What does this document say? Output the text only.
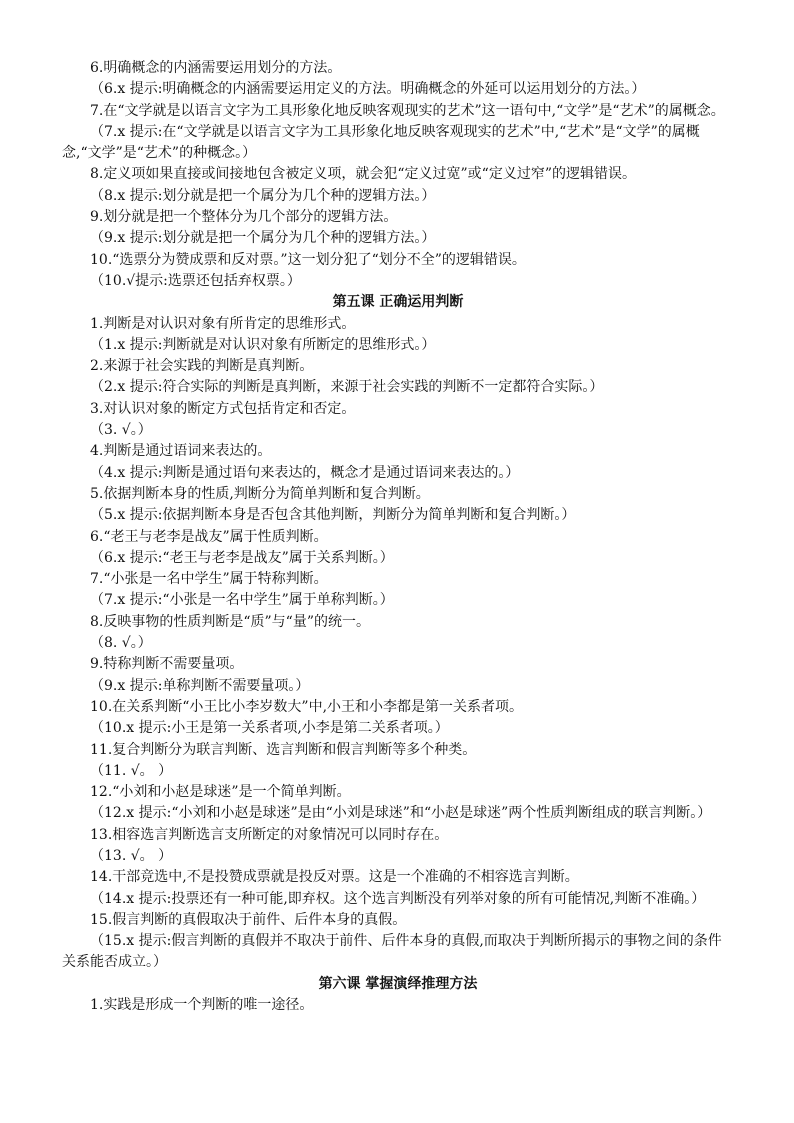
6.明确概念的内涵需要运用划分的方法。
（6.x 提示:明确概念的内涵需要运用定义的方法。明确概念的外延可以运用划分的方法。）
7.在“文学就是以语言文字为工具形象化地反映客观现实的艺术”这一语句中,“文学”是“艺术”的属概念。
（7.x 提示:在“文学就是以语言文字为工具形象化地反映客观现实的艺术”中,“艺术”是“文学”的属概念,“文学”是“艺术”的种概念。）
8.定义项如果直接或间接地包含被定义项，就会犯“定义过宽”或“定义过窄”的逻辑错误。
（8.x 提示:划分就是把一个属分为几个种的逻辑方法。）
9.划分就是把一个整体分为几个部分的逻辑方法。
（9.x 提示:划分就是把一个属分为几个种的逻辑方法。）
10.“选票分为赞成票和反对票。”这一划分犯了“划分不全”的逻辑错误。
（10.√提示:选票还包括弃权票。）
第五课 正确运用判断
1.判断是对认识对象有所肯定的思维形式。
（1.x 提示:判断就是对认识对象有所断定的思维形式。）
2.来源于社会实践的判断是真判断。
（2.x 提示:符合实际的判断是真判断，来源于社会实践的判断不一定都符合实际。）
3.对认识对象的断定方式包括肯定和否定。
（3. √。）
4.判断是通过语词来表达的。
（4.x 提示:判断是通过语句来表达的，概念才是通过语词来表达的。）
5.依据判断本身的性质,判断分为简单判断和复合判断。
（5.x 提示:依据判断本身是否包含其他判断，判断分为简单判断和复合判断。）
6.“老王与老李是战友”属于性质判断。
（6.x 提示:“老王与老李是战友”属于关系判断。）
7.“小张是一名中学生”属于特称判断。
（7.x 提示:“小张是一名中学生”属于单称判断。）
8.反映事物的性质判断是“质”与“量”的统一。
（8. √。）
9.特称判断不需要量项。
（9.x 提示:单称判断不需要量项。）
10.在关系判断“小王比小李岁数大”中,小王和小李都是第一关系者项。
（10.x 提示:小王是第一关系者项,小李是第二关系者项。）
11.复合判断分为联言判断、选言判断和假言判断等多个种类。
（11. √。 ）
12.“小刘和小赵是球迷”是一个简单判断。
（12.x 提示:“小刘和小赵是球迷”是由“小刘是球迷”和“小赵是球迷”两个性质判断组成的联言判断。）
13.相容选言判断选言支所断定的对象情况可以同时存在。
（13. √。 ）
14.干部竞选中,不是投赞成票就是投反对票。这是一个准确的不相容选言判断。
（14.x 提示:投票还有一种可能,即弃权。这个选言判断没有列举对象的所有可能情况,判断不准确。）
15.假言判断的真假取决于前件、后件本身的真假。
（15.x 提示:假言判断的真假并不取决于前件、后件本身的真假,而取决于判断所揭示的事物之间的条件关系能否成立。）
第六课 掌握演绎推理方法
1.实践是形成一个判断的唯一途径。
